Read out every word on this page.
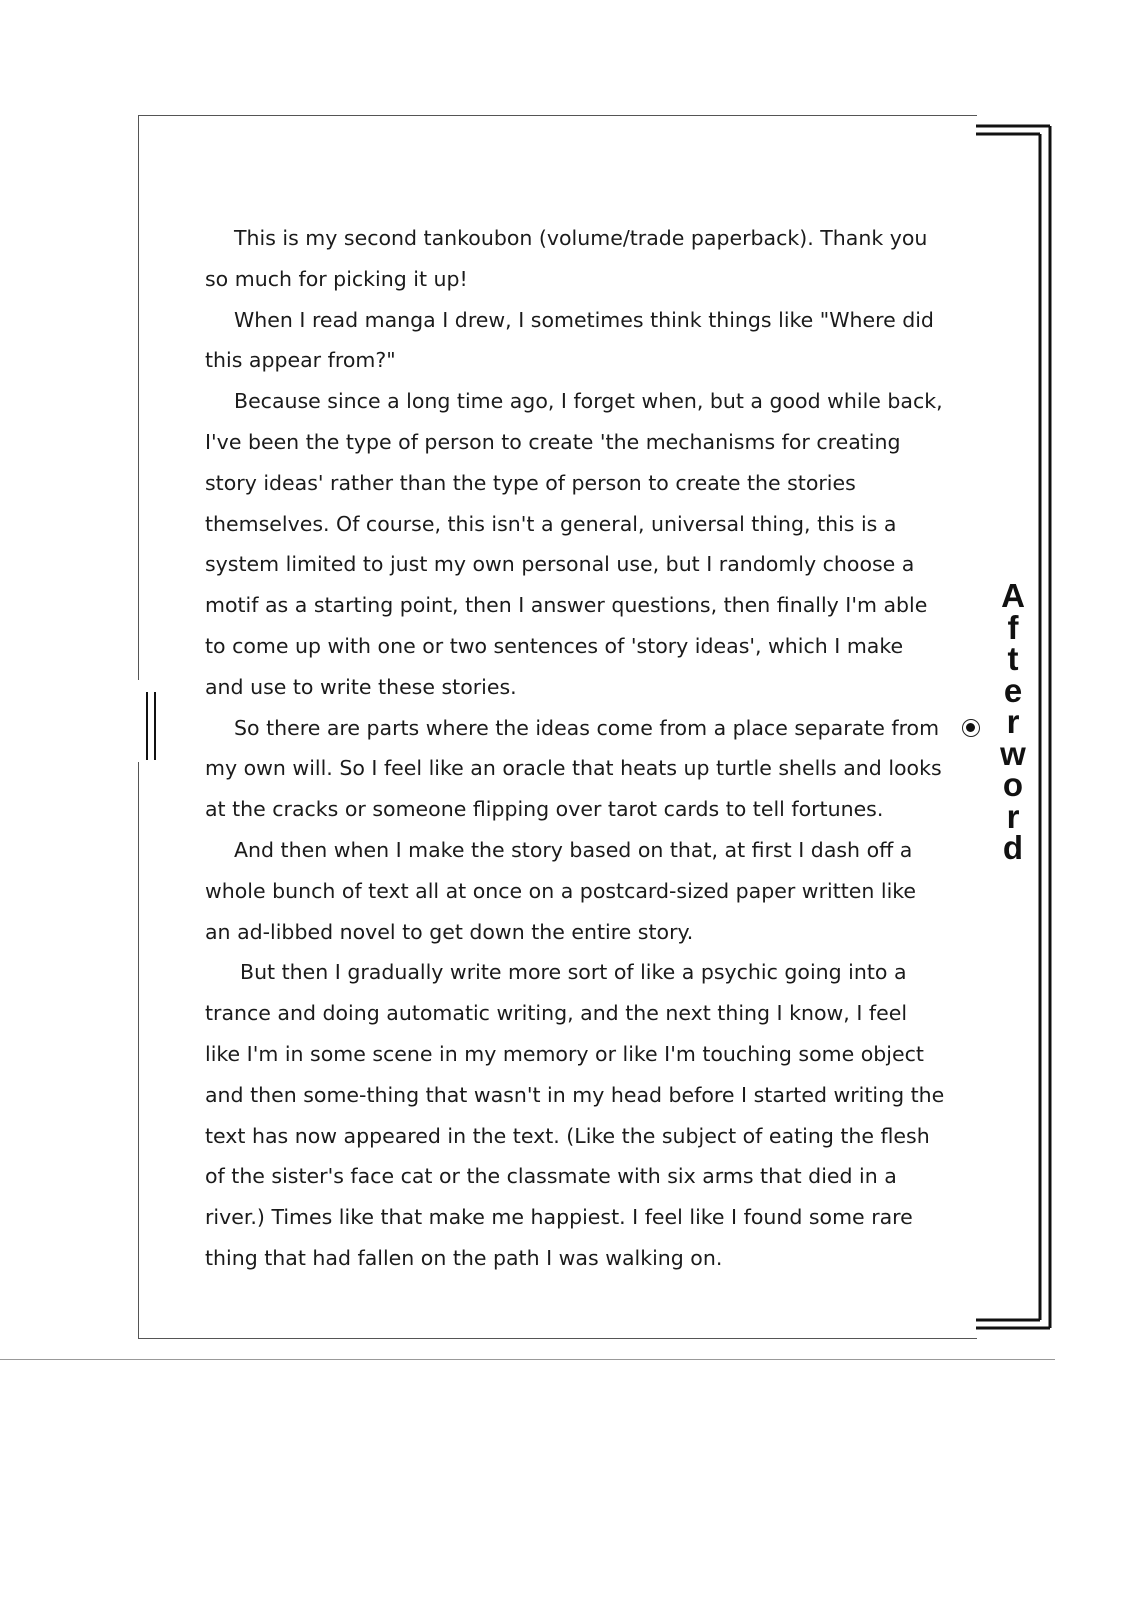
This is my second tankoubon (volume/trade paperback). Thank you so much for picking it up!

When I read manga I drew, I sometimes think things like "Where did this appear from?"

Because since a long time ago, I forget when, but a good while back, I've been the type of person to create 'the mechanisms for creating story ideas' rather than the type of person to create the stories themselves. Of course, this isn't a general, universal thing, this is a system limited to just my own personal use, but I randomly choose a motif as a starting point, then I answer questions, then finally I'm able to come up with one or two sentences of 'story ideas', which I make and use to write these stories.

So there are parts where the ideas come from a place separate from my own will. So I feel like an oracle that heats up turtle shells and looks at the cracks or someone flipping over tarot cards to tell fortunes.

And then when I make the story based on that, at first I dash off a whole bunch of text all at once on a postcard-sized paper written like an ad-libbed novel to get down the entire story.

But then I gradually write more sort of like a psychic going into a trance and doing automatic writing, and the next thing I know, I feel like I'm in some scene in my memory or like I'm touching some object and then some-thing that wasn't in my head before I started writing the text has now appeared in the text. (Like the subject of eating the flesh of the sister's face cat or the classmate with six arms that died in a river.) Times like that make me happiest. I feel like I found some rare thing that had fallen on the path I was walking on.

A
f
t
e
r
w
o
r
d
